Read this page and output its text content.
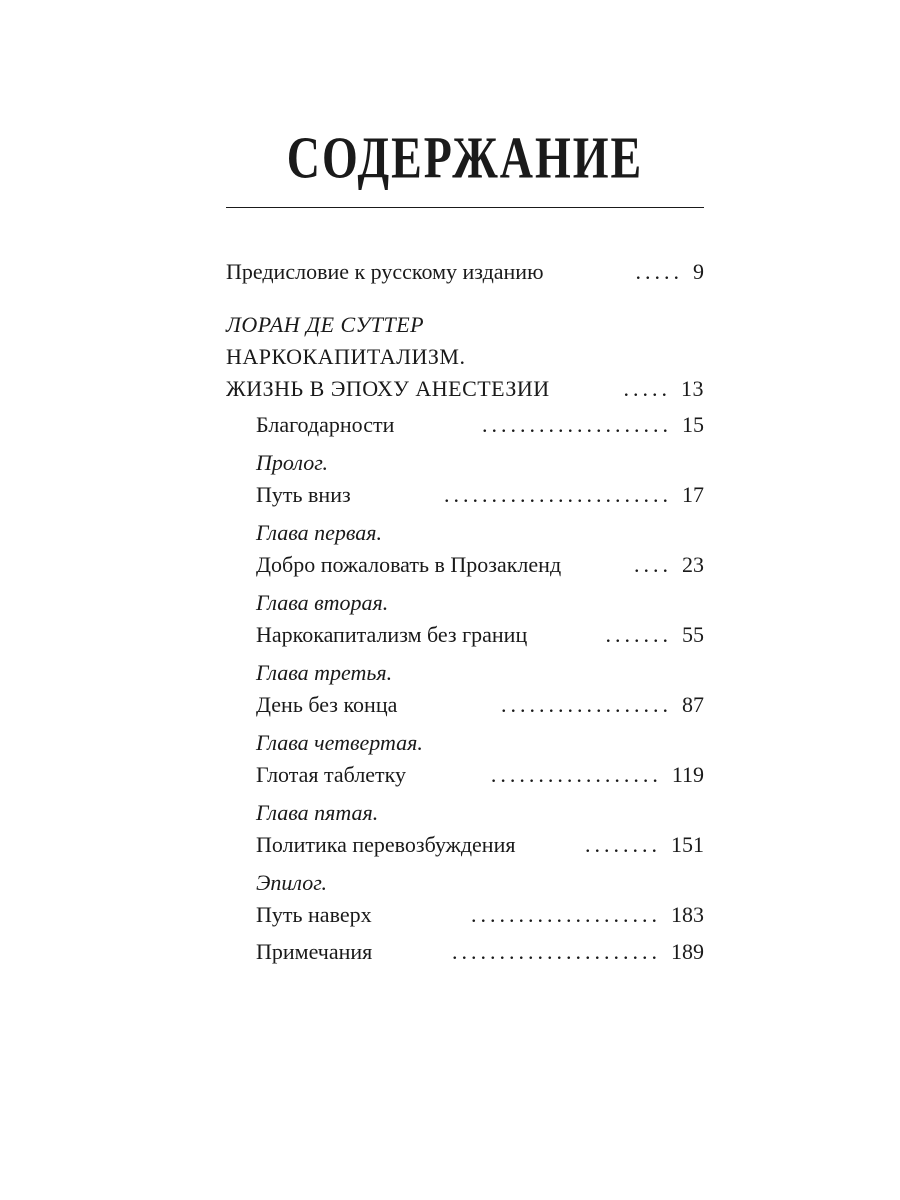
СОДЕРЖАНИЕ
Предисловие к русскому изданию	..... 9
ЛОРАН ДЕ СУТТЕР
НАРКОКАПИТАЛИЗМ.
ЖИЗНЬ В ЭПОХУ АНЕСТЕЗИИ	..... 13
Благодарности	.................... 15
Пролог.
Путь вниз	........................ 17
Глава первая.
Добро пожаловать в Прозакленд	.... 23
Глава вторая.
Наркокапитализм без границ	....... 55
Глава третья.
День без конца	.................. 87
Глава четвертая.
Глотая таблетку	.................. 119
Глава пятая.
Политика перевозбуждения	........ 151
Эпилог.
Путь наверх	.................... 183
Примечания	...................... 189
